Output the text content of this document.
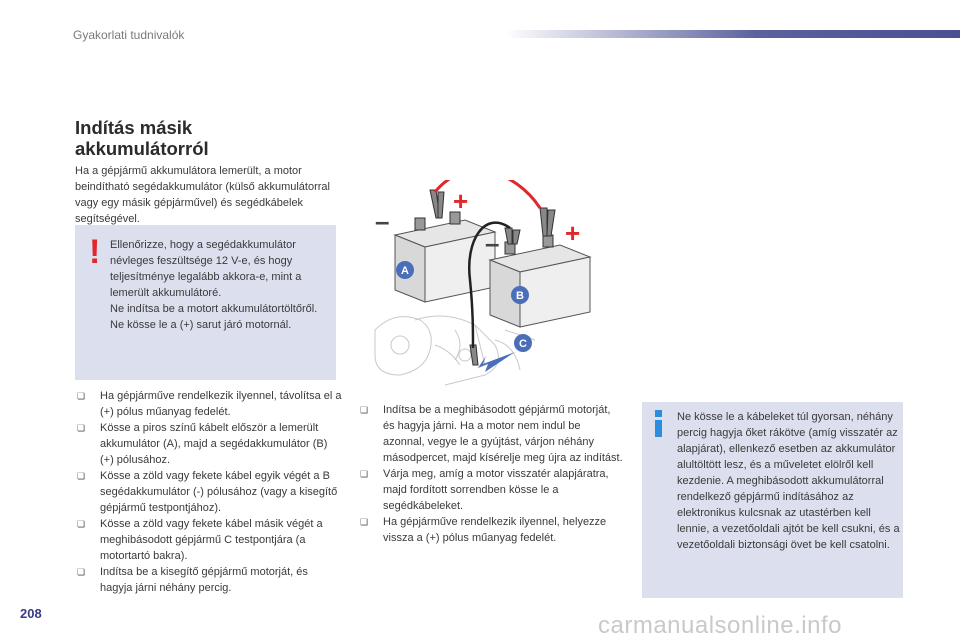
Gyakorlati tudnivalók
Indítás másik akkumulátorról
Ha a gépjármű akkumulátora lemerült, a motor beindítható segédakkumulátor (külső akkumulátorral vagy egy másik gépjárművel) és segédkábelek segítségével.
! Ellenőrizze, hogy a segédakkumulátor névleges feszültsége 12 V-e, és hogy teljesítménye legalább akkora-e, mint a lemerült akkumulátoré.
Ne indítsa be a motort akkumulátortöltőről.
Ne kösse le a (+) sarut járó motornál.
+
+
–
–
A
B
C
❏ Ha gépjárműve rendelkezik ilyennel, távolítsa el a (+) pólus műanyag fedelét.
❏ Kösse a piros színű kábelt először a lemerült akkumulátor (A), majd a segédakkumulátor (B) (+) pólusához.
❏ Kösse a zöld vagy fekete kábel egyik végét a B segédakkumulátor (-) pólusához (vagy a kisegítő gépjármű testpontjához).
❏ Kösse a zöld vagy fekete kábel másik végét a meghibásodott gépjármű C testpontjára (a motortartó bakra).
❏ Indítsa be a kisegítő gépjármű motorját, és hagyja járni néhány percig.
❏ Indítsa be a meghibásodott gépjármű motorját, és hagyja járni. Ha a motor nem indul be azonnal, vegye le a gyújtást, várjon néhány másodpercet, majd kísérelje meg újra az indítást.
❏ Várja meg, amíg a motor visszatér alapjáratra, majd fordított sorrendben kösse le a segédkábeleket.
❏ Ha gépjárműve rendelkezik ilyennel, helyezze vissza a (+) pólus műanyag fedelét.
Ne kösse le a kábeleket túl gyorsan, néhány percig hagyja őket rákötve (amíg visszatér az alapjárat), ellenkező esetben az akkumulátor alultöltött lesz, és a műveletet elölről kell kezdenie. A meghibásodott akkumulátorral rendelkező gépjármű indításához az elektronikus kulcsnak az utastérben kell lennie, a vezetőoldali ajtót be kell csukni, és a vezetőoldali biztonsági övet be kell csatolni.
208	carmanualsonline.info
